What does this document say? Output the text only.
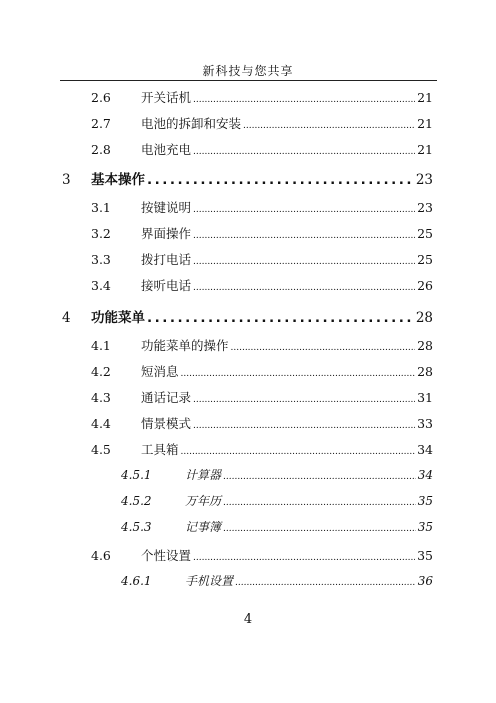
新科技与您共享
2.6	开关话机 .....	21
2.7	电池的拆卸和安装 .....	21
2.8	电池充电 .....	21
3	基本操作 .....	23
3.1	按键说明 .....	23
3.2	界面操作 .....	25
3.3	拨打电话 .....	25
3.4	接听电话 .....	26
4	功能菜单 .....	28
4.1	功能菜单的操作 .....	28
4.2	短消息 .....	28
4.3	通话记录 .....	31
4.4	情景模式 .....	33
4.5	工具箱 .....	34
4.5.1	计算器 .....	34
4.5.2	万年历 .....	35
4.5.3	记事簿 .....	35
4.6	个性设置 .....	35
4.6.1	手机设置 .....	36
4
